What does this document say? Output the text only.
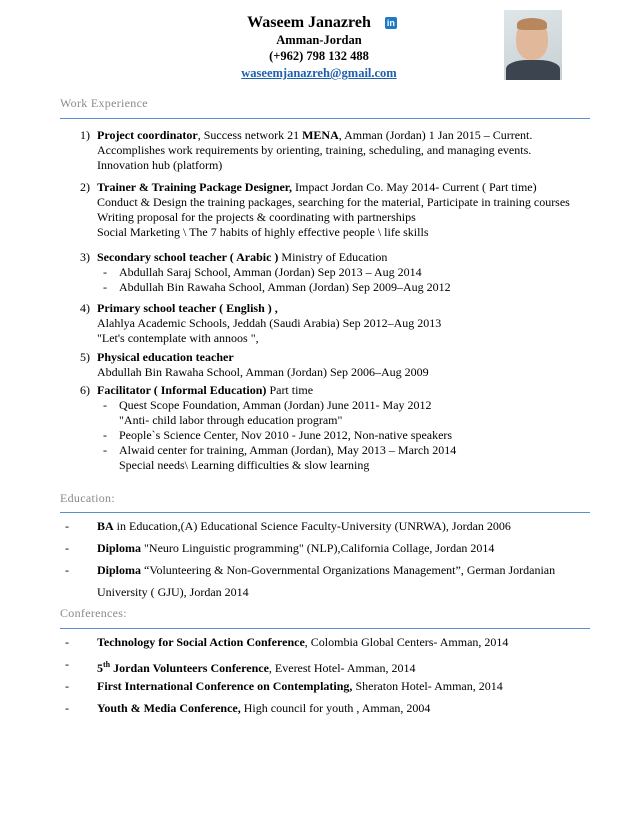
Waseem Janazreh in
Amman-Jordan
(+962) 798 132 488
waseemjanazreh@gmail.com
Work Experience
1) Project coordinator, Success network 21 MENA, Amman (Jordan) 1 Jan 2015 – Current.
Accomplishes work requirements by orienting, training, scheduling, and managing events.
Innovation hub (platform)
2) Trainer & Training Package Designer, Impact Jordan Co. May 2014- Current ( Part time)
Conduct & Design the training packages, searching for the material, Participate in training courses
Writing proposal for the projects & coordinating with partnerships
Social Marketing \ The 7 habits of highly effective people \ life skills
3) Secondary school teacher ( Arabic ) Ministry of Education
- Abdullah Saraj School, Amman (Jordan) Sep 2013 – Aug 2014
- Abdullah Bin Rawaha School, Amman (Jordan) Sep 2009–Aug 2012
4) Primary school teacher ( English ) ,
Alahlya Academic Schools, Jeddah (Saudi Arabia) Sep 2012–Aug 2013
"Let's contemplate with annoos ",
5) Physical education teacher
Abdullah Bin Rawaha School, Amman (Jordan) Sep 2006–Aug 2009
6) Facilitator ( Informal Education) Part time
- Quest Scope Foundation, Amman (Jordan) June 2011- May 2012
"Anti- child labor through education program"
- People`s Science Center, Nov 2010 - June 2012, Non-native speakers
- Alwaid center for training, Amman (Jordan), May 2013 – March 2014
Special needs\ Learning difficulties & slow learning
Education:
- BA in Education,(A) Educational Science Faculty-University (UNRWA), Jordan 2006
- Diploma "Neuro Linguistic programming" (NLP),California Collage, Jordan 2014
- Diploma “Volunteering & Non-Governmental Organizations Management”, German Jordanian
University ( GJU), Jordan 2014
Conferences:
- Technology for Social Action Conference, Colombia Global Centers- Amman, 2014
- 5th Jordan Volunteers Conference, Everest Hotel- Amman, 2014
- First International Conference on Contemplating, Sheraton Hotel- Amman, 2014
- Youth & Media Conference, High council for youth , Amman, 2004
